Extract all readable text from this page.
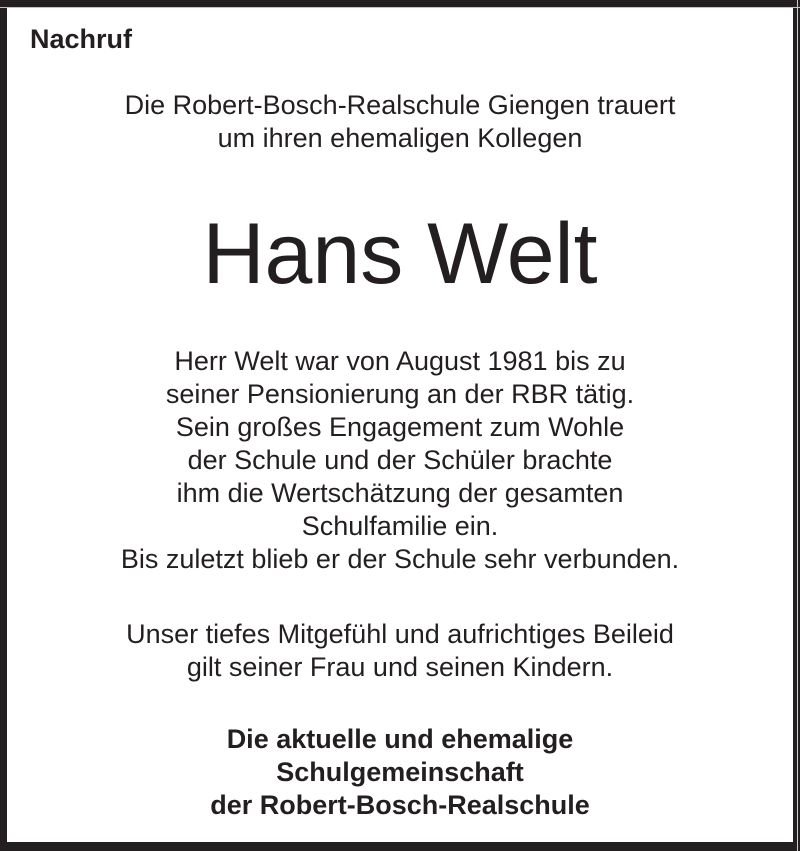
Nachruf
Die Robert-Bosch-Realschule Giengen trauert
um ihren ehemaligen Kollegen
Hans Welt
Herr Welt war von August 1981 bis zu
seiner Pensionierung an der RBR tätig.
Sein großes Engagement zum Wohle
der Schule und der Schüler brachte
ihm die Wertschätzung der gesamten
Schulfamilie ein.
Bis zuletzt blieb er der Schule sehr verbunden.
Unser tiefes Mitgefühl und aufrichtiges Beileid
gilt seiner Frau und seinen Kindern.
Die aktuelle und ehemalige
Schulgemeinschaft
der Robert-Bosch-Realschule
